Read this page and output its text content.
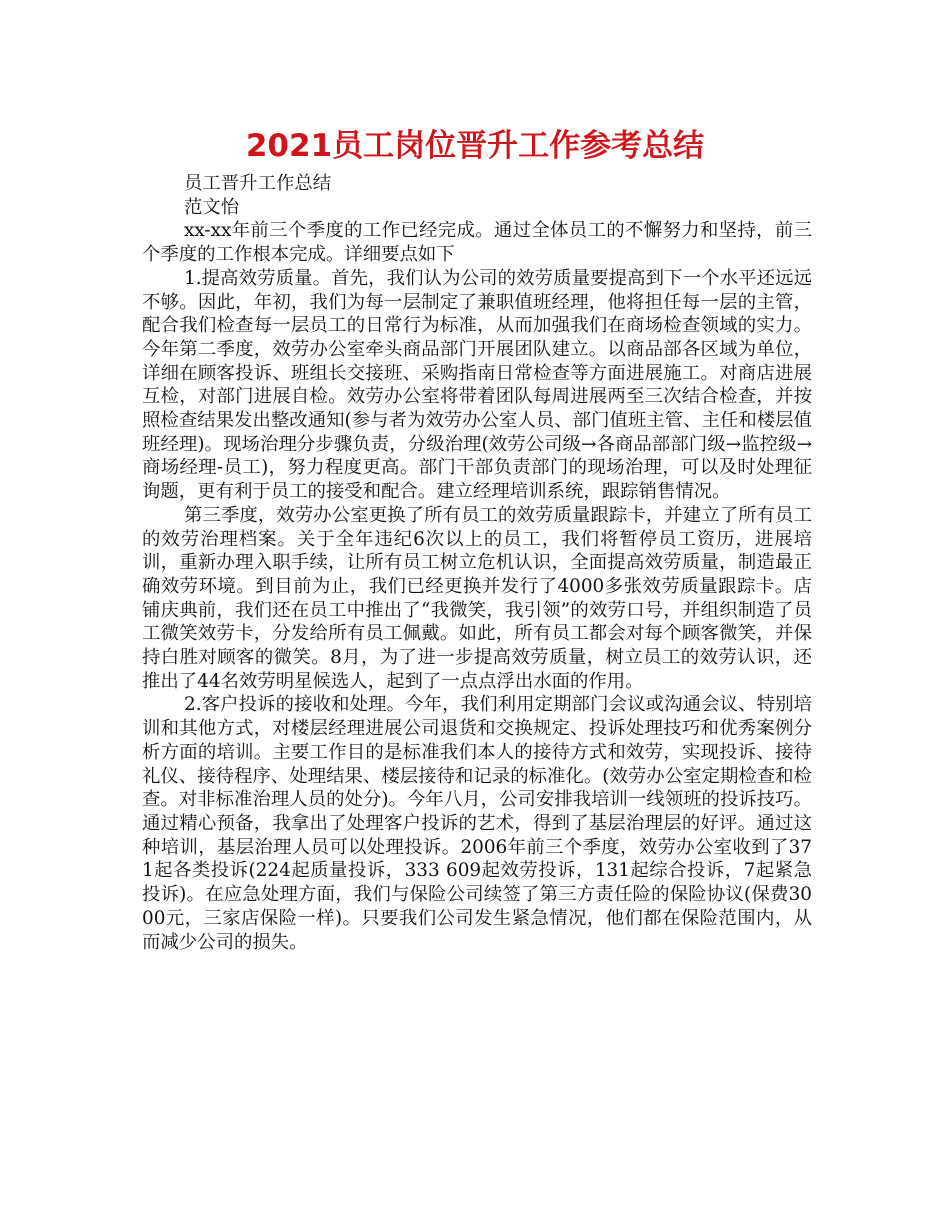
2021员工岗位晋升工作参考总结

员工晋升工作总结

范文怡

xx-xx年前三个季度的工作已经完成。通过全体员工的不懈努力和坚持，前三个季度的工作根本完成。详细要点如下

1.提高效劳质量。首先，我们认为公司的效劳质量要提高到下一个水平还远远不够。因此，年初，我们为每一层制定了兼职值班经理，他将担任每一层的主管，配合我们检查每一层员工的日常行为标准，从而加强我们在商场检查领域的实力。今年第二季度，效劳办公室牵头商品部门开展团队建立。以商品部各区域为单位，详细在顾客投诉、班组长交接班、采购指南日常检查等方面进展施工。对商店进展互检，对部门进展自检。效劳办公室将带着团队每周进展两至三次结合检查，并按照检查结果发出整改通知(参与者为效劳办公室人员、部门值班主管、主任和楼层值班经理)。现场治理分步骤负责，分级治理(效劳公司级→各商品部部门级→监控级→商场经理-员工)，努力程度更高。部门干部负责部门的现场治理，可以及时处理征询题，更有利于员工的接受和配合。建立经理培训系统，跟踪销售情况。

第三季度，效劳办公室更换了所有员工的效劳质量跟踪卡，并建立了所有员工的效劳治理档案。关于全年违纪6次以上的员工，我们将暂停员工资历，进展培训，重新办理入职手续，让所有员工树立危机认识，全面提高效劳质量，制造最正确效劳环境。到目前为止，我们已经更换并发行了4000多张效劳质量跟踪卡。店铺庆典前，我们还在员工中推出了“我微笑，我引领”的效劳口号，并组织制造了员工微笑效劳卡，分发给所有员工佩戴。如此，所有员工都会对每个顾客微笑，并保持白胜对顾客的微笑。8月，为了进一步提高效劳质量，树立员工的效劳认识，还推出了44名效劳明星候选人，起到了一点点浮出水面的作用。

2.客户投诉的接收和处理。今年，我们利用定期部门会议或沟通会议、特别培训和其他方式，对楼层经理进展公司退货和交换规定、投诉处理技巧和优秀案例分析方面的培训。主要工作目的是标准我们本人的接待方式和效劳，实现投诉、接待礼仪、接待程序、处理结果、楼层接待和记录的标准化。(效劳办公室定期检查和检查。对非标准治理人员的处分)。今年八月，公司安排我培训一线领班的投诉技巧。通过精心预备，我拿出了处理客户投诉的艺术，得到了基层治理层的好评。通过这种培训，基层治理人员可以处理投诉。2006年前三个季度，效劳办公室收到了371起各类投诉(224起质量投诉，333 609起效劳投诉，131起综合投诉，7起紧急投诉)。在应急处理方面，我们与保险公司续签了第三方责任险的保险协议(保费3000元，三家店保险一样)。只要我们公司发生紧急情况，他们都在保险范围内，从而减少公司的损失。
